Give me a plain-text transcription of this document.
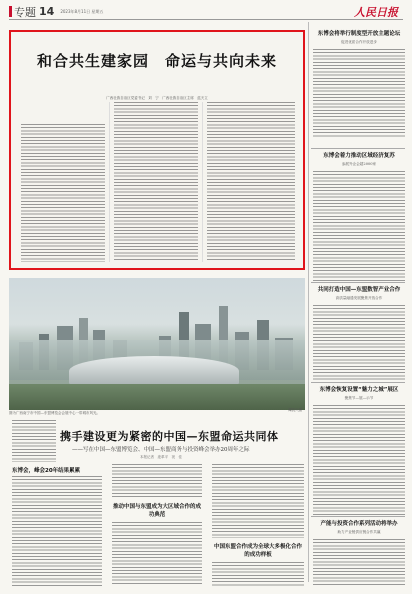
专题 14 2023年8月11日 星期五	人民日报
和合共生建家园　命运与共向未来
广西壮族自治区党委书记　刘　宁　广西壮族自治区主席　蓝天立
谭凯兴摄
图为广西南宁市中国—东盟博览会会展中心一带城市风光。
携手建设更为紧密的中国—东盟命运共同体
——写在中国—东盟博览会、中国—东盟商务与投资峰会举办20周年之际
本报记者　庞革平　祝　佳
东博会，峰会20年结果累累
推动中国与东盟成为大区域合作的成功典范
中国东盟合作成为全球大多极化合作的成功样板
东博会将举行制度型开放主题论坛
促进优质合作开放进步
东博会着力推动区域经济复苏
参展外企会超2000家
共同打造中国—东盟数智产业合作
高质量融通发展聚焦开放合作
东博会恢复设置“魅力之城”展区
聚焦节—展—示节
产能与投资合作系列活动将举办
助力产业链供应链合作共赢
